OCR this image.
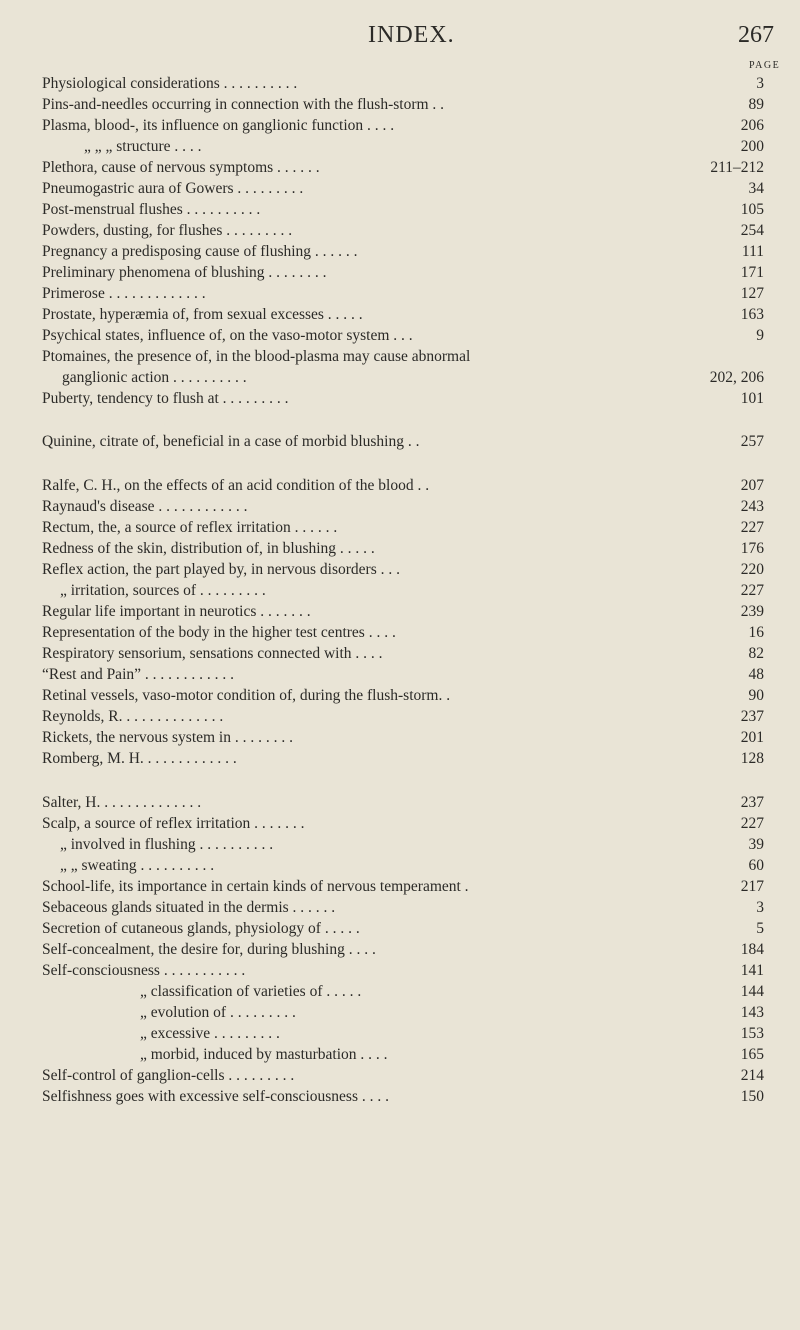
INDEX.	267
PAGE
Physiological considerations . . . . . . . . . .	3
Pins-and-needles occurring in connection with the flush-storm . .	89
Plasma, blood-, its influence on ganglionic function . . . .	206
„ „ „ structure . . . .	200
Plethora, cause of nervous symptoms . . . . . .	211–212
Pneumogastric aura of Gowers . . . . . . . . .	34
Post-menstrual flushes . . . . . . . . . .	105
Powders, dusting, for flushes . . . . . . . . .	254
Pregnancy a predisposing cause of flushing . . . . . .	111
Preliminary phenomena of blushing . . . . . . . .	171
Primerose . . . . . . . . . . . . .	127
Prostate, hyperæmia of, from sexual excesses . . . . .	163
Psychical states, influence of, on the vaso-motor system . . .	9
Ptomaines, the presence of, in the blood-plasma may cause abnormal
ganglionic action . . . . . . . . . .	202, 206
Puberty, tendency to flush at . . . . . . . . .	101
Quinine, citrate of, beneficial in a case of morbid blushing . .	257
Ralfe, C. H., on the effects of an acid condition of the blood . .	207
Raynaud's disease . . . . . . . . . . . .	243
Rectum, the, a source of reflex irritation . . . . . .	227
Redness of the skin, distribution of, in blushing . . . . .	176
Reflex action, the part played by, in nervous disorders . . .	220
„ irritation, sources of . . . . . . . . .	227
Regular life important in neurotics . . . . . . .	239
Representation of the body in the higher test centres . . . .	16
Respiratory sensorium, sensations connected with . . . .	82
“Rest and Pain” . . . . . . . . . . . .	48
Retinal vessels, vaso-motor condition of, during the flush-storm. .	90
Reynolds, R. . . . . . . . . . . . . .	237
Rickets, the nervous system in . . . . . . . .	201
Romberg, M. H. . . . . . . . . . . . .	128
Salter, H. . . . . . . . . . . . . .	237
Scalp, a source of reflex irritation . . . . . . .	227
„ involved in flushing . . . . . . . . . .	39
„ „ sweating . . . . . . . . . .	60
School-life, its importance in certain kinds of nervous temperament .	217
Sebaceous glands situated in the dermis . . . . . .	3
Secretion of cutaneous glands, physiology of . . . . .	5
Self-concealment, the desire for, during blushing . . . .	184
Self-consciousness . . . . . . . . . . .	141
„ classification of varieties of . . . . .	144
„ evolution of . . . . . . . . .	143
„ excessive . . . . . . . . .	153
„ morbid, induced by masturbation . . . .	165
Self-control of ganglion-cells . . . . . . . . .	214
Selfishness goes with excessive self-consciousness . . . .	150
